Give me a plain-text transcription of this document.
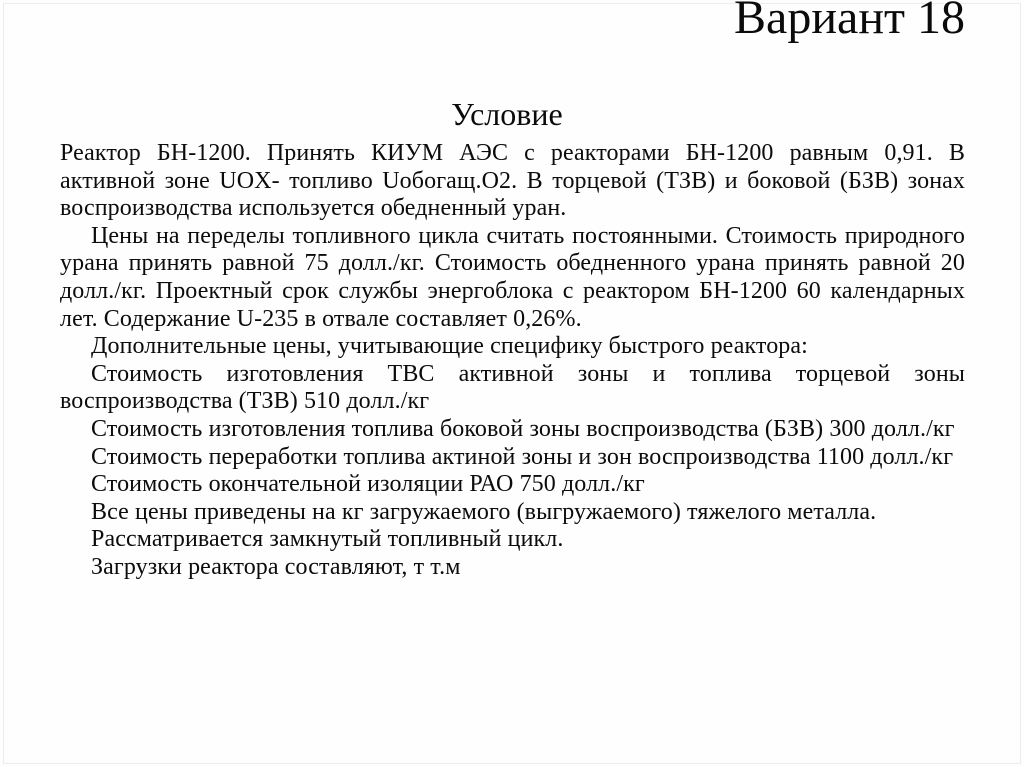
Вариант 18
Условие

Реактор БН-1200. Принять КИУМ АЭС с реакторами БН-1200 равным 0,91. В активной зоне UOX- топливо Uобогащ.О2. В торцевой (ТЗВ) и боковой (БЗВ) зонах воспроизводства используется обедненный уран.

Цены на переделы топливного цикла считать постоянными. Стоимость природного урана принять равной 75 долл./кг. Стоимость обедненного урана принять равной 20 долл./кг. Проектный срок службы энергоблока с реактором БН-1200 60 календарных лет. Содержание U-235 в отвале составляет 0,26%.

Дополнительные цены, учитывающие специфику быстрого реактора:

Стоимость изготовления ТВС активной зоны и топлива торцевой зоны воспроизводства (ТЗВ) 510 долл./кг

Стоимость изготовления топлива боковой зоны воспроизводства (БЗВ) 300 долл./кг

Стоимость переработки топлива актиной зоны и зон воспроизводства 1100 долл./кг

Стоимость окончательной изоляции РАО 750 долл./кг

Все цены приведены на кг загружаемого (выгружаемого) тяжелого металла.

Рассматривается замкнутый топливный цикл.

Загрузки реактора составляют, т т.м
